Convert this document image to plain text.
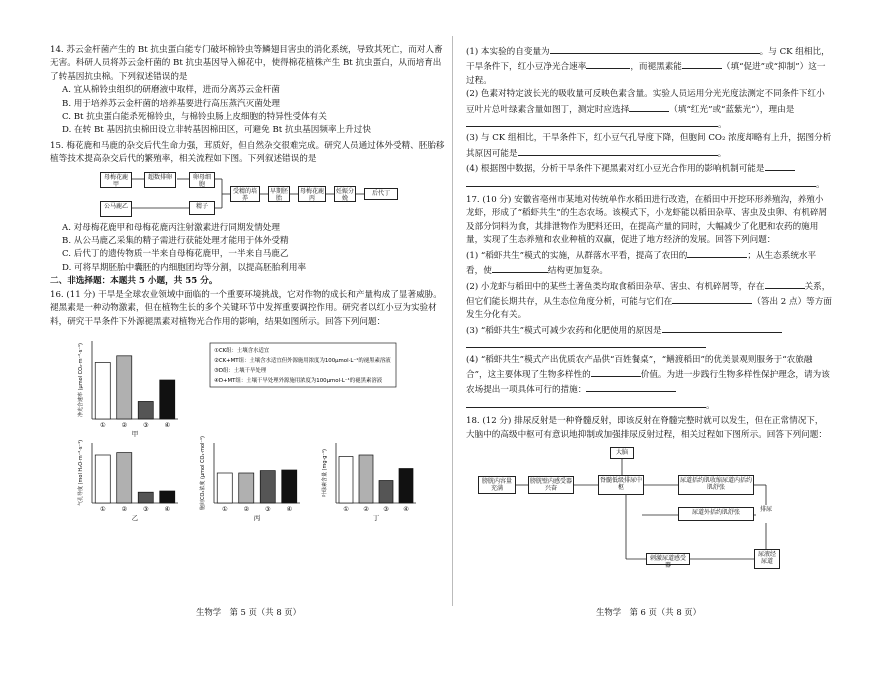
14. 苏云金杆菌产生的 Bt 抗虫蛋白能专门破坏棉铃虫等鳞翅目害虫的消化系统，导致其死亡，而对人畜无害。科研人员将苏云金杆菌的 Bt 抗虫基因导入棉花中，使得棉花植株产生 Bt 抗虫蛋白，从而培育出了转基因抗虫棉。下列叙述错误的是

A. 宜从棉铃虫组织的研磨液中取样，进而分离苏云金杆菌

B. 用于培养苏云金杆菌的培养基要进行高压蒸汽灭菌处理

C. Bt 抗虫蛋白能杀死棉铃虫，与棉铃虫肠上皮细胞的特异性受体有关

D. 在转 Bt 基因抗虫棉田设立非转基因棉田区，可避免 Bt 抗虫基因频率上升过快

15. 梅花鹿和马鹿的杂交后代生命力强，茸质好，但自然杂交很难完成。研究人员通过体外受精、胚胎移植等技术提高杂交后代的繁殖率，相关流程如下图。下列叙述错误的是

母梅花鹿甲
超数排卵	卵母细胞
公马鹿乙	精子
受精的培养
早期胚胎
母梅花鹿丙
妊娠分娩
后代丁

A. 对母梅花鹿甲和母梅花鹿丙注射激素进行同期发情处理

B. 从公马鹿乙采集的精子需进行获能处理才能用于体外受精

C. 后代丁的遗传物质一半来自母梅花鹿甲，一半来自马鹿乙

D. 可将早期胚胎中囊胚的内细胞团均等分割，以提高胚胎利用率

二、非选择题：本题共 5 小题，共 55 分。

16. (11 分) 干旱是全球农业领域中面临的一个重要环境挑战，它对作物的成长和产量构成了显著威胁。褪黑素是一种动物激素，但在植物生长的多个关键环节中发挥重要调控作用。研究者以红小豆为实验材料，研究干旱条件下外源褪黑素对植物光合作用的影响，结果如图所示。回答下列问题：

①CK组：土壤含水适宜
②CK+MT组：土壤含水适宜但外源施用浓度为100μmol·L⁻¹的褪黑素溶液
③D组：土壤干旱处理
④D+MT组：土壤干旱处理外源施用浓度为100μmol·L⁻¹的褪黑素溶液
①	②	③	④
甲
净光合速率 (μmol CO₂·m⁻²·s⁻¹)
①	②	③	④
乙
气孔导度 (mol H₂O·m⁻²·s⁻¹)
①	②	③	④
丙
胞间CO₂浓度 (μmol CO₂·mol⁻¹)	① ② ③ ④
丁
叶绿素含量 (mg·g⁻¹)

(1) 本实验的自变量为	。与 CK 组相比，干旱条件下，红小豆净光合速率	，而褪黑素能	（填“促进”或“抑制”）这一过程。

(2) 色素对特定波长光的吸收量可反映色素含量。实验人员运用分光光度法测定不同条件下红小豆叶片总叶绿素含量如图丁，测定时应选择	（填“红光”或“蓝紫光”），理由是。

(3) 与 CK 组相比，干旱条件下，红小豆气孔导度下降，但胞间 CO₂ 浓度却略有上升，据图分析其原因可能是	。

(4) 根据图中数据，分析干旱条件下褪黑素对红小豆光合作用的影响机制可能是
。

17. (10 分) 安徽省亳州市某地对传统单作水稻田进行改造，在稻田中开挖环形养殖沟，养殖小龙虾，形成了“稻虾共生”的生态农场。该模式下，小龙虾能以稻田杂草、害虫及虫卵、有机碎屑及部分饲料为食，其排泄物作为肥料还田，在提高产量的同时，大幅减少了化肥和农药的施用量，实现了生态养殖和农业种植的双赢，促进了地方经济的发展。回答下列问题：

(1) “稻虾共生”模式的实施，从群落水平看，提高了农田的	；从生态系统水平看，使	结构更加复杂。

(2) 小龙虾与稻田中的某些土著鱼类均取食稻田杂草、害虫、有机碎屑等，存在	关系，但它们能长期共存，从生态位角度分析，可能与它们在	（答出 2 点）等方面发生分化有关。

(3) “稻虾共生”模式可减少农药和化肥使用的原因是

(4) “稻虾共生”模式产出优质农产品供“百姓餐桌”，“鳝渡稻田”的优美景观则服务于“农旅融合”，这主要体现了生物多样性的	价值。为进一步践行生物多样性保护理念，请为该农场提出一项具体可行的措施：
。

18. (12 分) 排尿反射是一种脊髓反射，即该反射在脊髓完整时就可以发生，但在正常情况下，大脑中的高级中枢可有意识地抑制或加强排尿反射过程，相关过程如下图所示。回答下列问题：

膀胱内容量充满
膀胱壁内感受器兴奋
大脑
脊髓低级排尿中枢
尿道括约肌收缩尿道内括约肌舒张
尿道外括约肌舒张	排尿
尿液经尿道
刺激尿道感受器
生物学　第 5 页（共 8 页）	生物学　第 6 页（共 8 页）
